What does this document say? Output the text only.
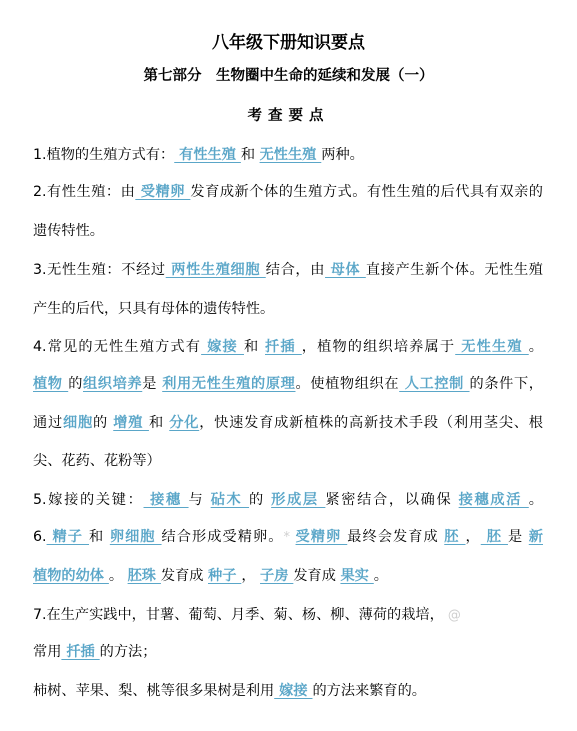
八年级下册知识要点
第七部分　生物圈中生命的延续和发展（一）
考查要点
1.植物的生殖方式有： 有性生殖 和 无性生殖 两种。
2.有性生殖：由 受精卵 发育成新个体的生殖方式。有性生殖的后代具有双亲的
遗传特性。
3.无性生殖：不经过 两性生殖细胞 结合，由 母体 直接产生新个体。无性生殖
产生的后代，只具有母体的遗传特性。
4.常见的无性生殖方式有 嫁接 和 扦插 ，植物的组织培养属于 无性生殖 。
植物 的组织培养是 利用无性生殖的原理。使植物组织在 人工控制 的条件下，
通过细胞的 增殖 和 分化，快速发育成新植株的高新技术手段（利用茎尖、根
尖、花药、花粉等）
5.嫁接的关键： 接穗 与 砧木 的 形成层 紧密结合，以确保 接穗成活 。
6. 精子 和 卵细胞 结合形成受精卵。* 受精卵 最终会发育成 胚 ， 胚 是 新
植物的幼体 。 胚珠 发育成 种子 ， 子房 发育成 果实 。
7.在生产实践中，甘薯、葡萄、月季、菊、杨、柳、薄荷的栽培， @
常用 扦插 的方法；
柿树、苹果、梨、桃等很多果树是利用 嫁接 的方法来繁育的。
